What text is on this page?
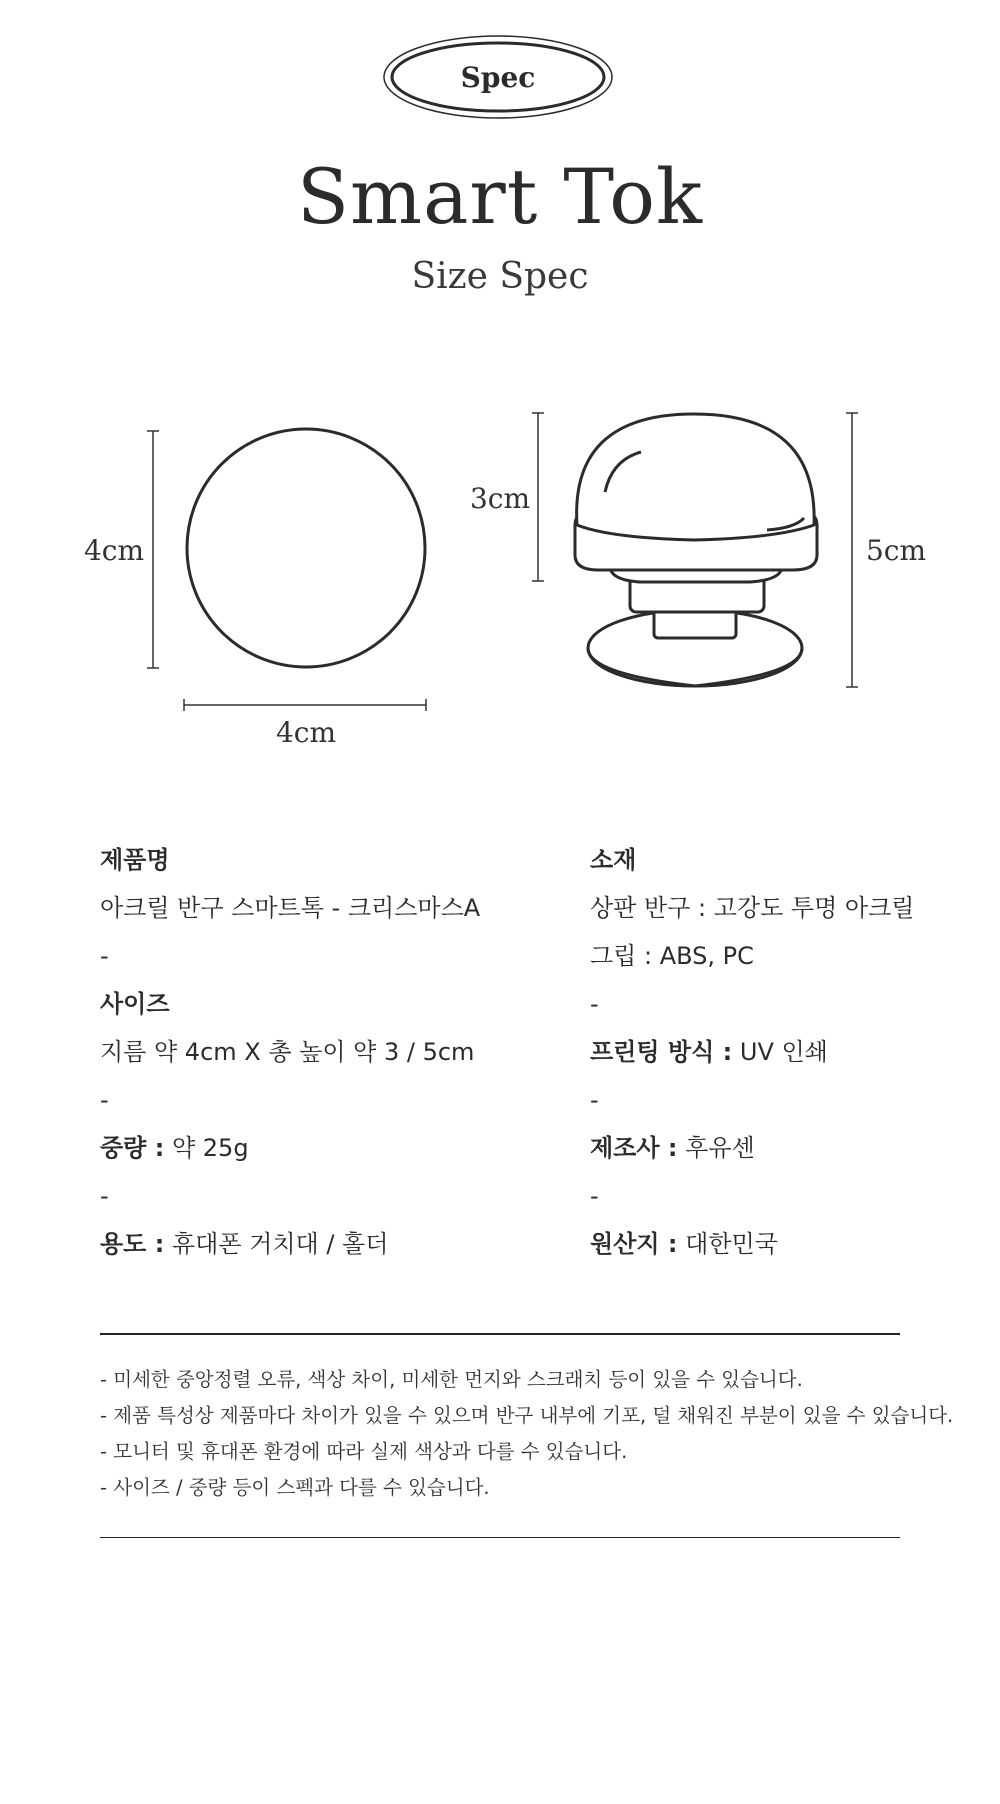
Spec
Smart Tok
Size Spec
4cm
4cm
3cm
5cm
제품명
아크릴 반구 스마트톡 - 크리스마스A
-
사이즈
지름 약 4cm X 총 높이 약 3 / 5cm
-
중량 : 약 25g
-
용도 : 휴대폰 거치대 / 홀더
소재
상판 반구 : 고강도 투명 아크릴
그립 : ABS, PC
-
프린팅 방식 : UV 인쇄
-
제조사 : 후유센
-
원산지 : 대한민국
- 미세한 중앙정렬 오류, 색상 차이, 미세한 먼지와 스크래치 등이 있을 수 있습니다.
- 제품 특성상 제품마다 차이가 있을 수 있으며 반구 내부에 기포, 덜 채워진 부분이 있을 수 있습니다.
- 모니터 및 휴대폰 환경에 따라 실제 색상과 다를 수 있습니다.
- 사이즈 / 중량 등이 스펙과 다를 수 있습니다.
